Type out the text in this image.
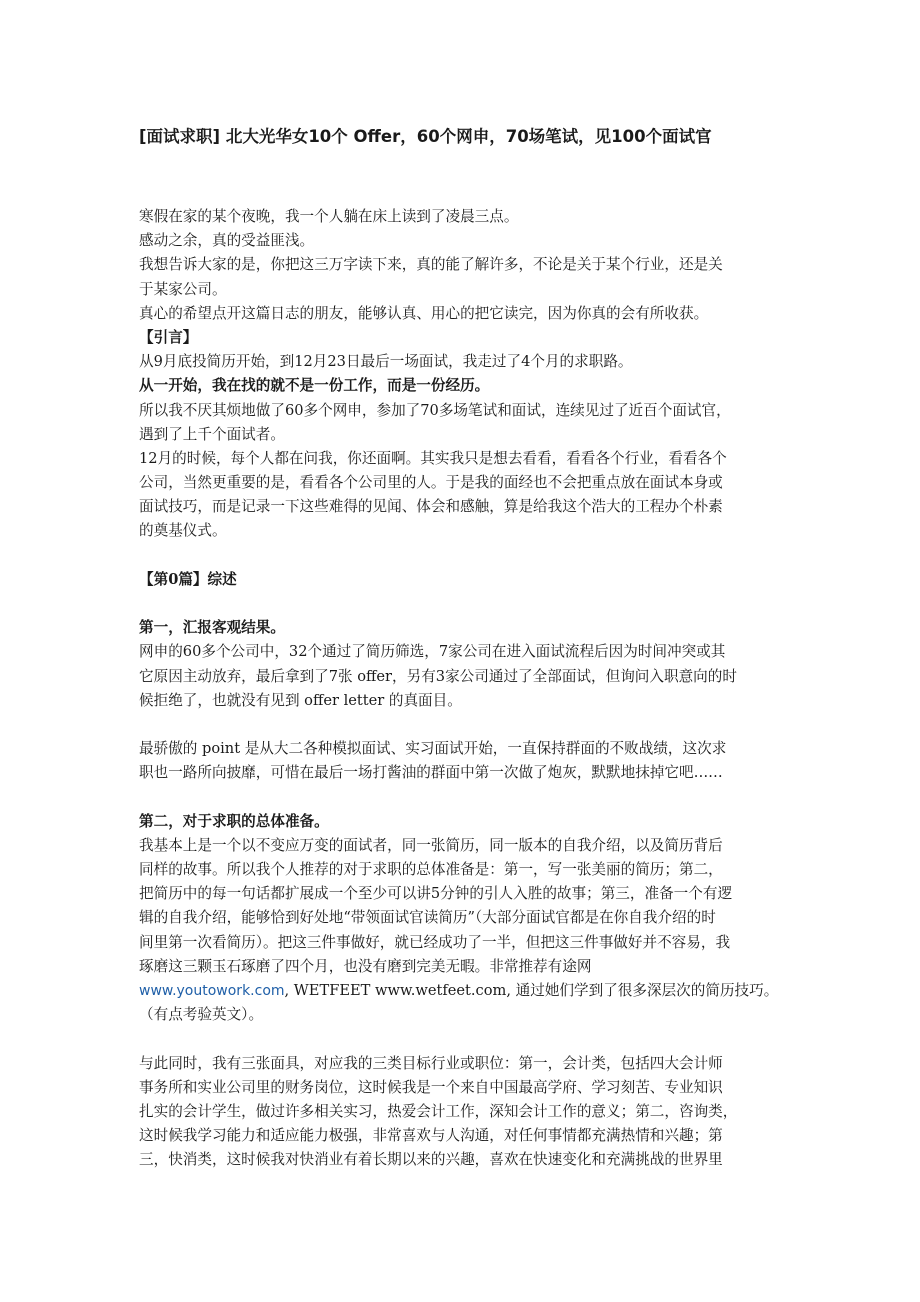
[面试求职] 北大光华女10个 Offer，60个网申，70场笔试，见100个面试官
寒假在家的某个夜晚，我一个人躺在床上读到了凌晨三点。
感动之余，真的受益匪浅。
我想告诉大家的是，你把这三万字读下来，真的能了解许多，不论是关于某个行业，还是关
于某家公司。
真心的希望点开这篇日志的朋友，能够认真、用心的把它读完，因为你真的会有所收获。
【引言】
从9月底投简历开始，到12月23日最后一场面试，我走过了4个月的求职路。
从一开始，我在找的就不是一份工作，而是一份经历。
所以我不厌其烦地做了60多个网申，参加了70多场笔试和面试，连续见过了近百个面试官，
遇到了上千个面试者。
12月的时候，每个人都在问我，你还面啊。其实我只是想去看看，看看各个行业，看看各个
公司，当然更重要的是，看看各个公司里的人。于是我的面经也不会把重点放在面试本身或
面试技巧，而是记录一下这些难得的见闻、体会和感触，算是给我这个浩大的工程办个朴素
的奠基仪式。
【第0篇】综述
第一，汇报客观结果。
网申的60多个公司中，32个通过了简历筛选，7家公司在进入面试流程后因为时间冲突或其
它原因主动放弃，最后拿到了7张 offer，另有3家公司通过了全部面试，但询问入职意向的时
候拒绝了，也就没有见到 offer letter 的真面目。
最骄傲的 point 是从大二各种模拟面试、实习面试开始，一直保持群面的不败战绩，这次求
职也一路所向披靡，可惜在最后一场打酱油的群面中第一次做了炮灰，默默地抹掉它吧……
第二，对于求职的总体准备。
我基本上是一个以不变应万变的面试者，同一张简历，同一版本的自我介绍，以及简历背后
同样的故事。所以我个人推荐的对于求职的总体准备是：第一，写一张美丽的简历；第二，
把简历中的每一句话都扩展成一个至少可以讲5分钟的引人入胜的故事；第三，准备一个有逻
辑的自我介绍，能够恰到好处地“带领面试官读简历”（大部分面试官都是在你自我介绍的时
间里第一次看简历）。把这三件事做好，就已经成功了一半，但把这三件事做好并不容易，我
琢磨这三颗玉石琢磨了四个月，也没有磨到完美无暇。非常推荐有途网
www.youtowork.com, WETFEET www.wetfeet.com, 通过她们学到了很多深层次的简历技巧。
（有点考验英文）。
与此同时，我有三张面具，对应我的三类目标行业或职位：第一，会计类，包括四大会计师
事务所和实业公司里的财务岗位，这时候我是一个来自中国最高学府、学习刻苦、专业知识
扎实的会计学生，做过许多相关实习，热爱会计工作，深知会计工作的意义；第二，咨询类，
这时候我学习能力和适应能力极强，非常喜欢与人沟通，对任何事情都充满热情和兴趣；第
三，快消类，这时候我对快消业有着长期以来的兴趣，喜欢在快速变化和充满挑战的世界里
